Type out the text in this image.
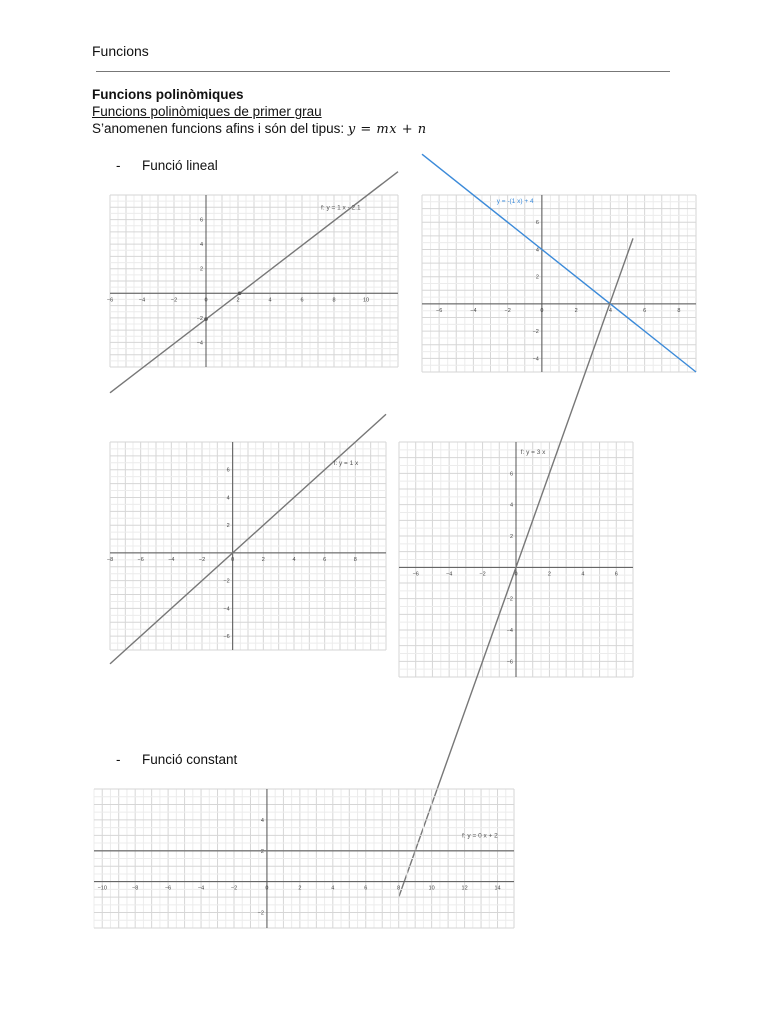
Funcions
Funcions polinòmiques
Funcions polinòmiques de primer grau
S’anomenen funcions afins i són del tipus: y = mx + n
- Funció lineal
−6	−4	−2	0	2	4	6	8	10
−4
−2
2
4
6
f: y = 1 x - 2.1
−6	−4	−2	0	2	4	6	8
−4
−2
2
4
6
y = -(1 x) + 4
−8	−6	−4	−2	0	2	4	6	8
−6
−4
−2
2
4
6
f: y = 1 x
−6	−4	−2	0	2	4	6
−6
−4
−2
2
4
6
f: y = 3 x
- Funció constant
−10	−8	−6	−4	−2	0	2	4	6	8	10	12	14
−2
2
4
f: y = 0 x + 2
